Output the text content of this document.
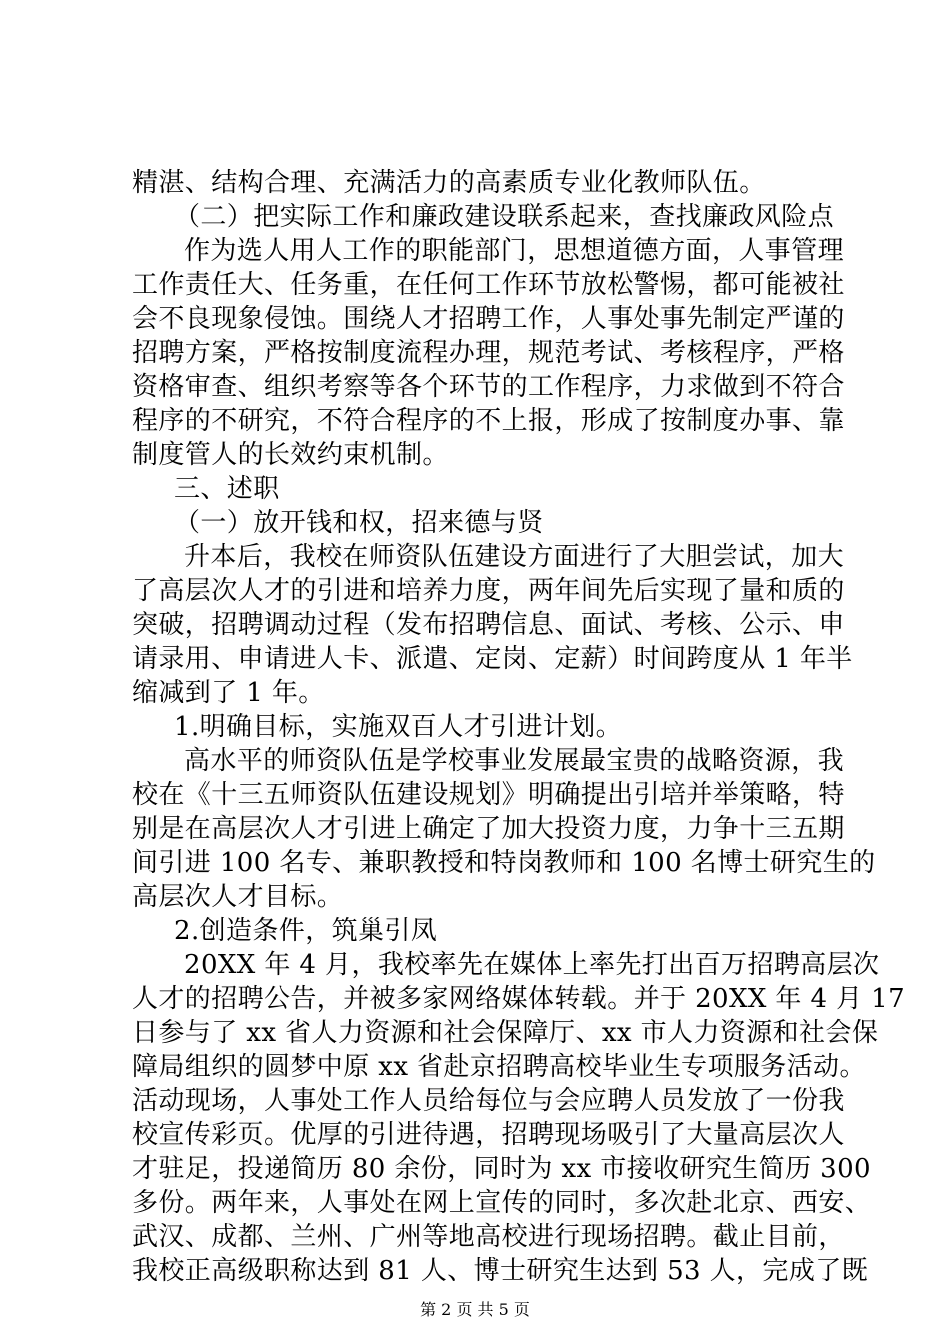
精湛、结构合理、充满活力的高素质专业化教师队伍。
（二）把实际工作和廉政建设联系起来，查找廉政风险点
作为选人用人工作的职能部门，思想道德方面，人事管理
工作责任大、任务重，在任何工作环节放松警惕，都可能被社
会不良现象侵蚀。围绕人才招聘工作，人事处事先制定严谨的
招聘方案，严格按制度流程办理，规范考试、考核程序，严格
资格审查、组织考察等各个环节的工作程序，力求做到不符合
程序的不研究，不符合程序的不上报，形成了按制度办事、靠
制度管人的长效约束机制。
三、述职
（一）放开钱和权，招来德与贤
升本后，我校在师资队伍建设方面进行了大胆尝试，加大
了高层次人才的引进和培养力度，两年间先后实现了量和质的
突破，招聘调动过程（发布招聘信息、面试、考核、公示、申
请录用、申请进人卡、派遣、定岗、定薪）时间跨度从 1 年半
缩减到了 1 年。
1.明确目标，实施双百人才引进计划。
高水平的师资队伍是学校事业发展最宝贵的战略资源，我
校在《十三五师资队伍建设规划》明确提出引培并举策略，特
别是在高层次人才引进上确定了加大投资力度，力争十三五期
间引进 100 名专、兼职教授和特岗教师和 100 名博士研究生的
高层次人才目标。
2.创造条件，筑巢引凤
20XX 年 4 月，我校率先在媒体上率先打出百万招聘高层次
人才的招聘公告，并被多家网络媒体转载。并于 20XX 年 4 月 17
日参与了 xx 省人力资源和社会保障厅、xx 市人力资源和社会保
障局组织的圆梦中原 xx 省赴京招聘高校毕业生专项服务活动。
活动现场，人事处工作人员给每位与会应聘人员发放了一份我
校宣传彩页。优厚的引进待遇，招聘现场吸引了大量高层次人
才驻足，投递简历 80 余份，同时为 xx 市接收研究生简历 300
多份。两年来，人事处在网上宣传的同时，多次赴北京、西安、
武汉、成都、兰州、广州等地高校进行现场招聘。截止目前，
我校正高级职称达到 81 人、博士研究生达到 53 人，完成了既
第 2 页 共 5 页
